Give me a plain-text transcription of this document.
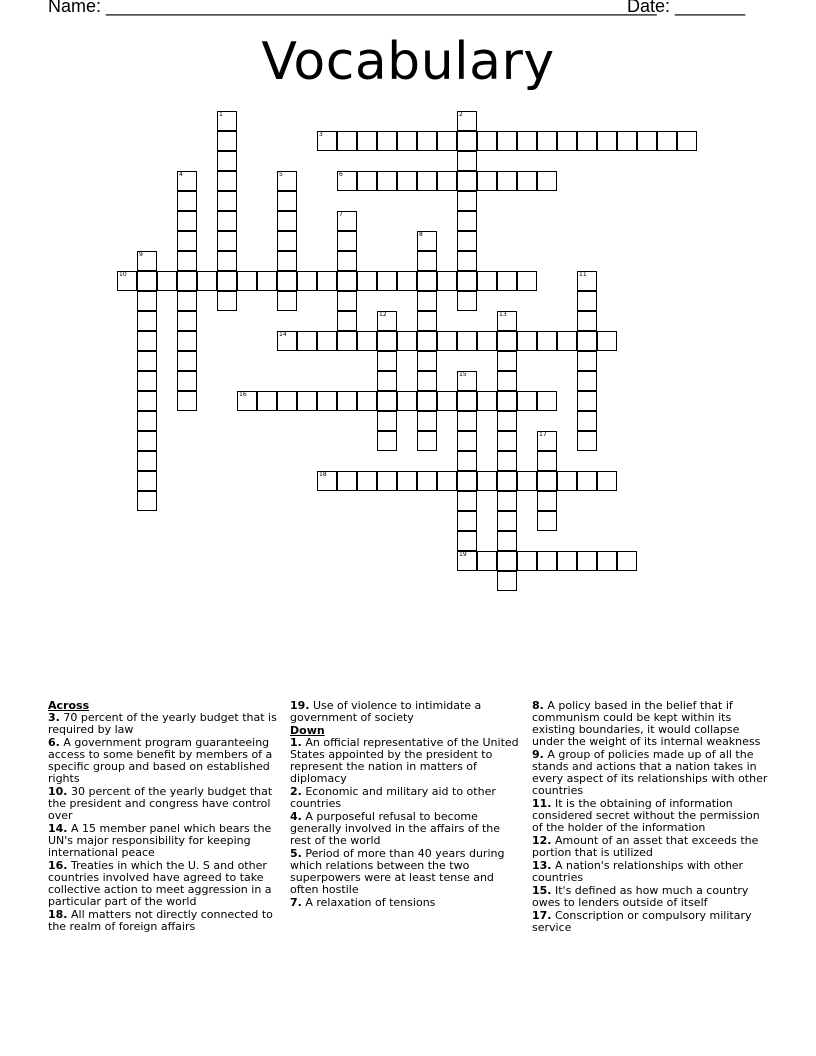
Name: _______________________________________________________
Date: _______
Vocabulary
1	2
3
4	5	6
7
8
9
10	11
12	13
14
15
19
16
17
18
Across
3. 70 percent of the yearly budget that is required by law
6. A government program guaranteeing access to some benefit by members of a specific group and based on established rights
10. 30 percent of the yearly budget that the president and congress have control over
14. A 15 member panel which bears the UN's major responsibility for keeping international peace
16. Treaties in which the U. S and other countries involved have agreed to take collective action to meet aggression in a particular part of the world
18. All matters not directly connected to the realm of foreign affairs
19. Use of violence to intimidate a government of society
Down
1. An official representative of the United States appointed by the president to represent the nation in matters of diplomacy
2. Economic and military aid to other countries
4. A purposeful refusal to become generally involved in the affairs of the rest of the world
5. Period of more than 40 years during which relations between the two superpowers were at least tense and often hostile
7. A relaxation of tensions
8. A policy based in the belief that if communism could be kept within its existing boundaries, it would collapse under the weight of its internal weakness
9. A group of policies made up of all the stands and actions that a nation takes in every aspect of its relationships with other countries
11. It is the obtaining of information considered secret without the permission of the holder of the information
12. Amount of an asset that exceeds the portion that is utilized
13. A nation's relationships with other countries
15. It's defined as how much a country owes to lenders outside of itself
17. Conscription or compulsory military service
